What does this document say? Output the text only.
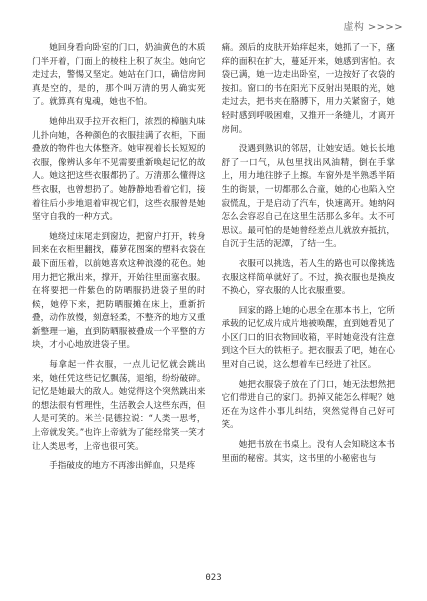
虚构 >>>>

她回身看向卧室的门口，奶油黄色的木质门半开着，门面上的棱柱上积了灰尘。她向它走过去，警惕又坚定。她站在门口，确信房间真是空的，是的，那个叫万清的男人确实死了。就算真有鬼魂，她也不怕。

她伸出双手拉开衣柜门，浓烈的樟脑丸味儿扑向她，各种颜色的衣服挂满了衣柜，下面叠放的物件也大体整齐。她审视着长长短短的衣服，像辨认多年不见需要重新唤起记忆的故人。她这把这些衣服都扔了。万清那么懂得这些衣服，也曾想扔了。她静静地看着它们，接着往后小步地退着审视它们，这些衣服曾是她坚守自我的一种方式。

她绕过床尾走到窗边，把窗户打开，转身回来在衣柜里翻找，藤萝花图案的塑料衣袋在最下面压着，以前她喜欢这种浪漫的花色。她用力把它揪出来，撑开，开始往里面塞衣服。在将要把一件紫色的防晒服扔进袋子里的时候，她停下来，把防晒服摊在床上，重新折叠，动作放慢，刻意轻柔，不整齐的地方又重新整理一遍，直到防晒服被叠成一个平整的方块，才小心地放进袋子里。

每拿起一件衣服，一点儿记忆就会跳出来，她任凭这些记忆飘荡，退缩，纷纷破碎。记忆是她最大的敌人。她觉得这个突然跳出来的想法很有哲理性，生活教会人这些东西，但人是可笑的。米兰·昆德拉说：“人类一思考，上帝就发笑。”也许上帝就为了能经常笑一笑才让人类思考，上帝也很可笑。

手指破皮的地方不再渗出鲜血，只是疼

痛。颈后的皮肤开始痒起来，她抓了一下，瘙痒的面积在扩大，蔓延开来，她感到害怕。衣袋已满，她一边走出卧室，一边按好了衣袋的按扣。窗口的书在阳光下反射出晃眼的光，她走过去，把书夹在胳膊下，用力关紧窗子，她轻时感到呼吸困难，又推开一条缝儿，才离开房间。

没遇到熟识的邻居，让她安适。她长长地舒了一口气，从包里找出风油精，倒在手掌上，用力地往脖子上擦。车窗外是半熟悉半陌生的街景，一切都那么合童，她的心也陷入空寂慌乱，于是启动了汽车，快速离开。她纳闷怎么会容忍自己在这里生活那么多年。太不可思议。最可怕的是她曾经差点儿就放弃抵抗，自沉于生活的泥潭，了结一生。

衣服可以挑选，若人生的路也可以像挑选衣服这样简单就好了。不过，换衣服也是换皮不换心，穿衣服的人比衣服重要。

回家的路上她的心思全在那本书上，它所承载的记忆成片成片地被唤醒，直到她看见了小区门口的旧衣物回收箱，平时她竟没有注意到这个巨大的铁柜子。把衣服丢了吧，她在心里对自己说，这么想着车已经进了社区。

她把衣服袋子放在了门口，她无法想然把它们带进自己的家门。扔掉又能怎么样呢？她还在为这件小事儿纠结，突然觉得自己好可笑。

她把书放在书桌上。没有人会知晓这本书里面的秘密。其实，这书里的小秘密也与

023
